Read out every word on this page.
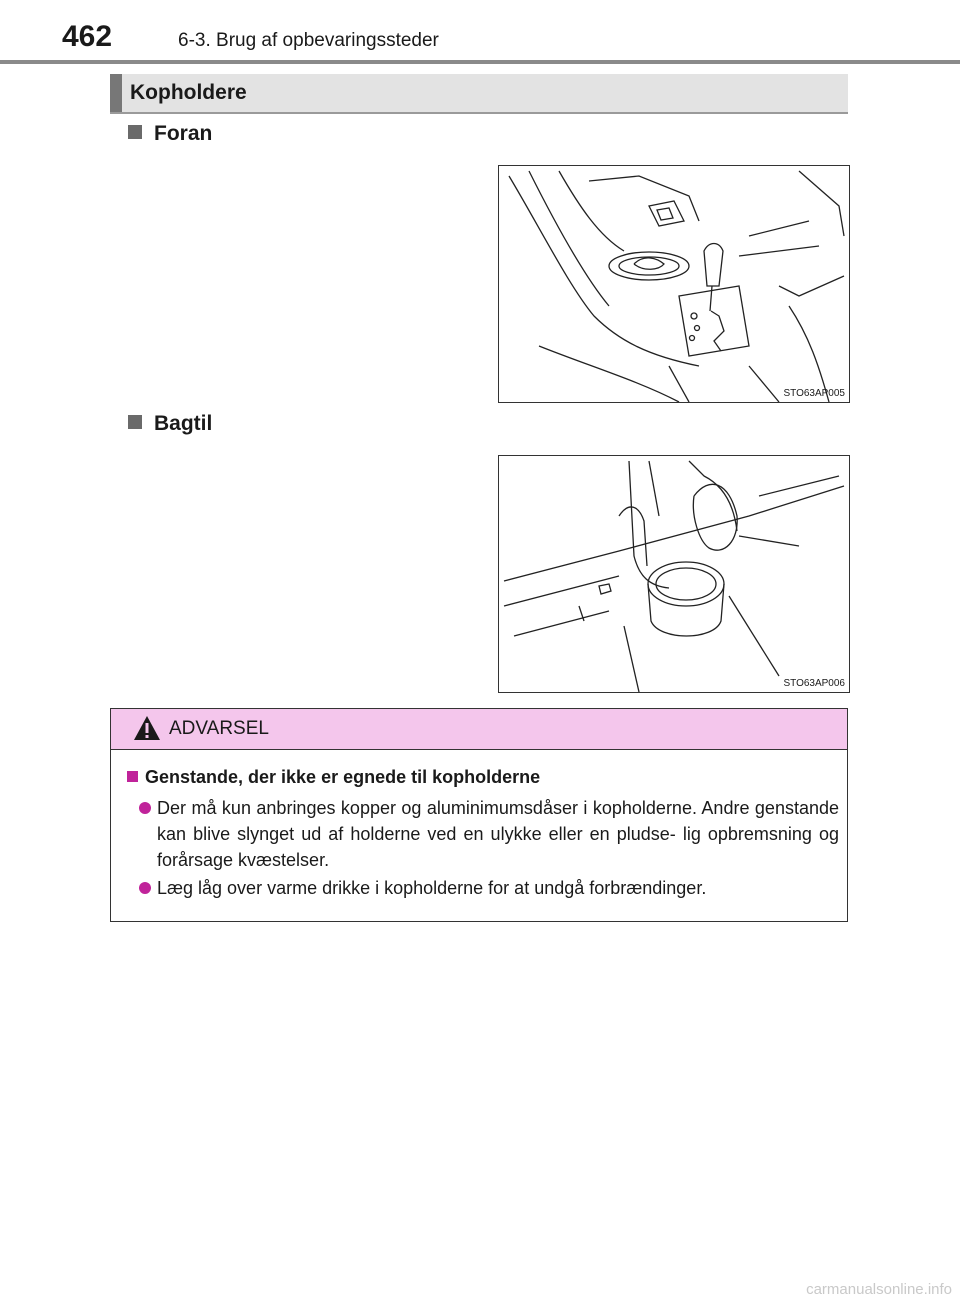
462	6-3. Brug af opbevaringssteder
Kopholdere
Foran
STO63AP005
Bagtil
STO63AP006
ADVARSEL
Genstande, der ikke er egnede til kopholderne
Der må kun anbringes kopper og aluminimumsdåser i kopholderne. Andre genstande kan blive slynget ud af holderne ved en ulykke eller en pludse- lig opbremsning og forårsage kvæstelser.
Læg låg over varme drikke i kopholderne for at undgå forbrændinger.
carmanualsonline.info
